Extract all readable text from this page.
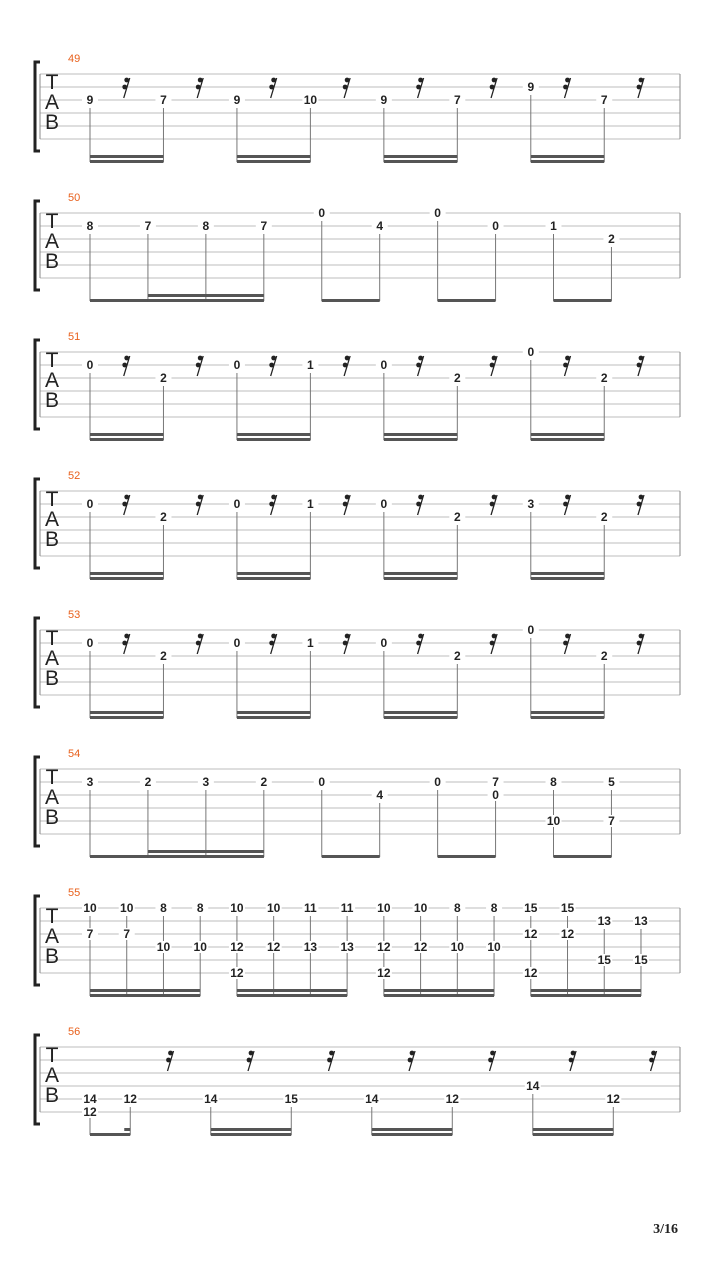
49
T
A
B
9	7	9	10	9	7
9
7
50
T
A
B
8	7	8	7
0
4
0
0	1
2
51
T
A
B
0
2
0	1	0
2
0
2
52
T
A
B
0
2
0	1	0
2
3
2
53
T
A
B
0
2
0	1	0
2
0
2
54
T
A
B
3	2	3	2	0
4
0	7
0
8
10
5
7
55
T
A
B
10
7
10
7
8
10
8
10
10
12
12
10
12
11
13
11
13
10
12
12
10
12
8
10
8
10
15
12
12
15
12
13
15
13
15
56
T
A
B 14
12
12	14	15	14	12
14
12
3/16
